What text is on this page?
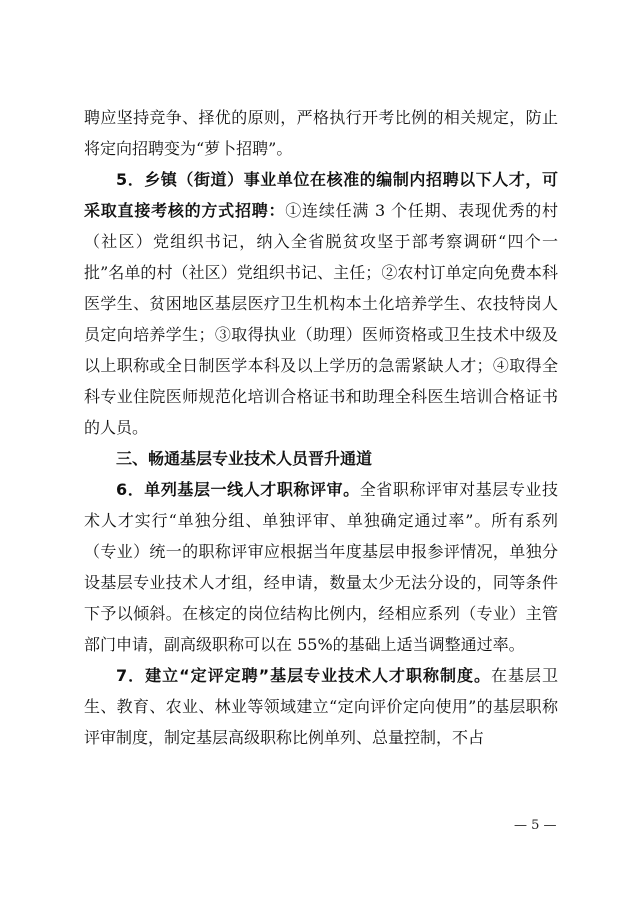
聘应坚持竞争、择优的原则，严格执行开考比例的相关规定，防止将定向招聘变为“萝卜招聘”。

5．乡镇（街道）事业单位在核准的编制内招聘以下人才，可采取直接考核的方式招聘：①连续任满 3 个任期、表现优秀的村（社区）党组织书记，纳入全省脱贫攻坚于部考察调研“四个一批”名单的村（社区）党组织书记、主任；②农村订单定向免费本科医学生、贫困地区基层医疗卫生机构本土化培养学生、农技特岗人员定向培养学生；③取得执业（助理）医师资格或卫生技术中级及以上职称或全日制医学本科及以上学历的急需紧缺人才；④取得全科专业住院医师规范化培训合格证书和助理全科医生培训合格证书的人员。

三、畅通基层专业技术人员晋升通道

6．单列基层一线人才职称评审。全省职称评审对基层专业技术人才实行“单独分组、单独评审、单独确定通过率”。所有系列（专业）统一的职称评审应根据当年度基层申报参评情况，单独分设基层专业技术人才组，经申请，数量太少无法分设的，同等条件下予以倾斜。在核定的岗位结构比例内，经相应系列（专业）主管部门申请，副高级职称可以在 55%的基础上适当调整通过率。

7．建立“定评定聘”基层专业技术人才职称制度。在基层卫生、教育、农业、林业等领域建立“定向评价定向使用”的基层职称评审制度，制定基层高级职称比例单列、总量控制，不占

— 5 —
